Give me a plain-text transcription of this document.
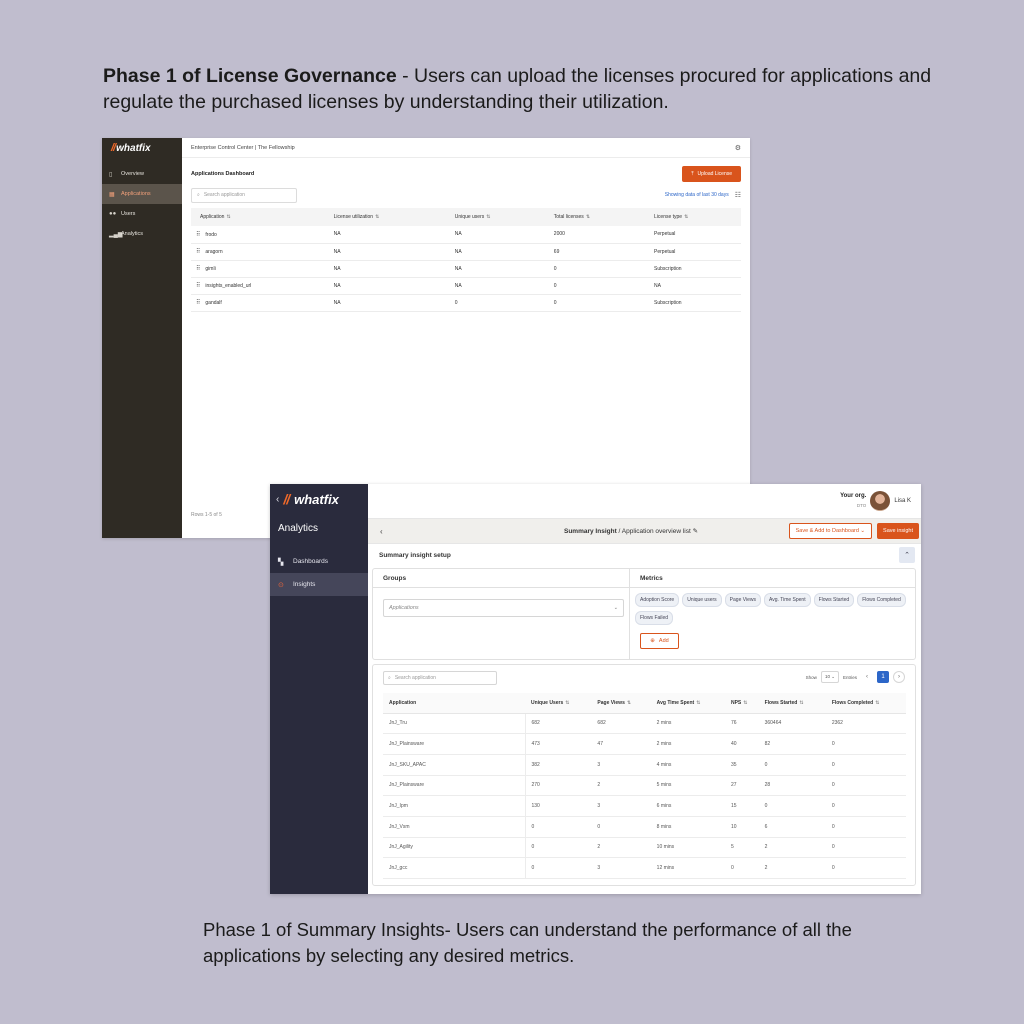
Phase 1 of License Governance - Users can upload the licenses procured for applications and regulate the purchased licenses by understanding their utilization.
// whatfix
▯	Overview
▦	Applications
●● Users
▂▄▆
Analytics
Enterprise Control Center | The Fellowship	⚙
Applications Dashboard	⤒ Upload License
⌕ Search application	Showing data of last 30 days ☷
Application ⇅	License utilization ⇅	Unique users ⇅	Total licenses ⇅	License type ⇅
⠿ frodo	NA	NA	2000	Perpetual
⠿ aragorn	NA	NA	69	Perpetual
⠿ gimli	NA	NA	0	Subscription
⠿ insights_enabled_url	NA	NA	0	NA
⠿ gandalf	NA	0	0	Subscription
Rows 1-5 of 5
‹ // whatfix
Analytics
▚	Dashboards
⊙	Insights
Your org.
DTO
Lisa K
‹	Summary Insight / Application overview list ✎	Save & Add to Dashboard ⌄	Save insight
Summary insight setup	⌃
Groups	Metrics
Applications	⌄
Adoption Score	Unique users	Page Views	Avg. Time Spent	Flows Started	Flows Completed
Flows Failed
⊕ Add
⌕ Search application	Show	10 ⌄	Entries	‹	1	›
Application	Unique Users ⇅	Page Views ⇅	Avg Time Spent ⇅	NPS ⇅	Flows Started ⇅	Flows Completed ⇅
JnJ_Tru	682	682	2 mins	76	360464	2362
JnJ_Plainsware	473	47	2 mins	40	82	0
JnJ_SKU_APAC	382	3	4 mins	35	0	0
JnJ_Plainsware	270	2	5 mins	27	28	0
JnJ_Ipm	130	3	6 mins	15	0	0
JnJ_Vsm	0	0	8 mins	10	6	0
JnJ_Agility	0	2	10 mins	5	2	0
JnJ_gcc	0	3	12 mins	0	2	0
Phase 1 of Summary Insights- Users can understand the performance of all the applications by selecting any desired metrics.
